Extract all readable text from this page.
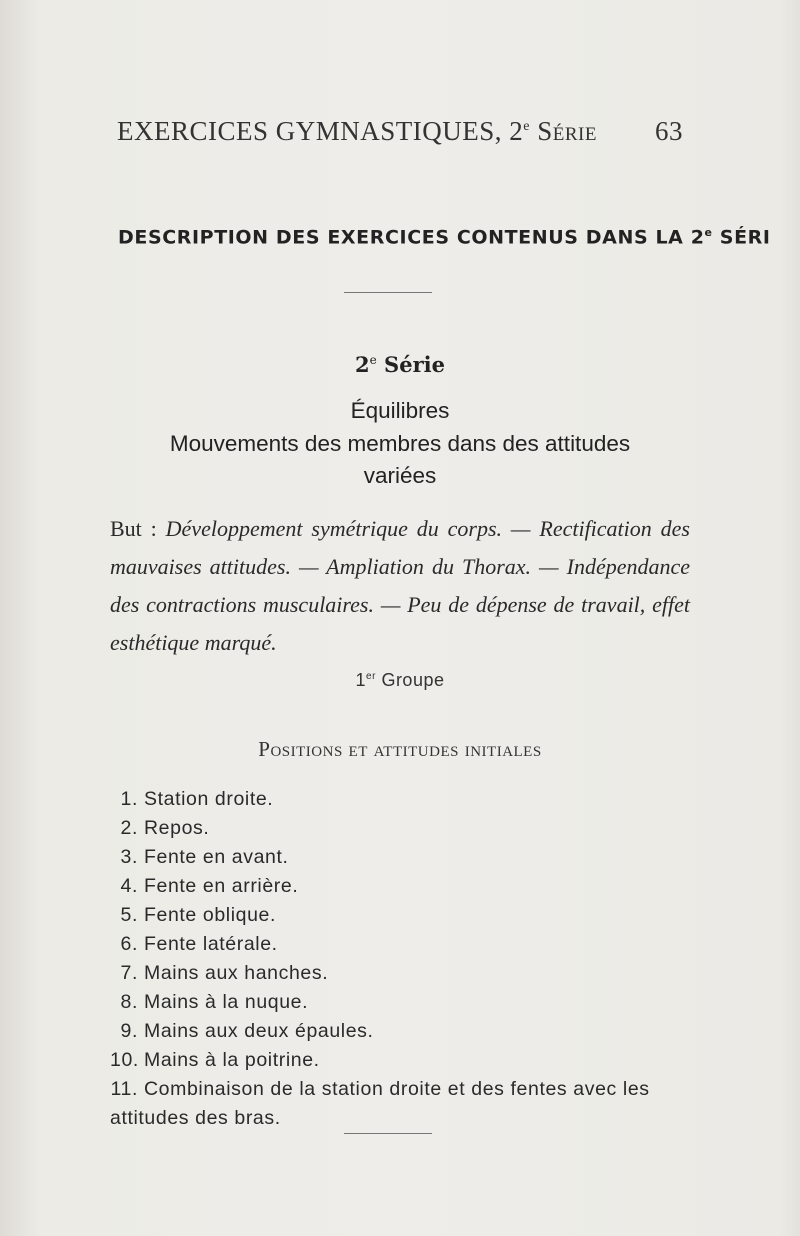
EXERCICES GYMNASTIQUES, 2e Série 63
DESCRIPTION DES EXERCICES CONTENUS DANS LA 2e SÉRI
2e Série
Équilibres
Mouvements des membres dans des attitudes
variées
But : Développement symétrique du corps. — Rectification des mauvaises attitudes. — Ampliation du Thorax. — Indépendance des contractions musculaires. — Peu de dépense de travail, effet esthétique marqué.
1er Groupe
Positions et attitudes initiales
1. Station droite.
2. Repos.
3. Fente en avant.
4. Fente en arrière.
5. Fente oblique.
6. Fente latérale.
7. Mains aux hanches.
8. Mains à la nuque.
9. Mains aux deux épaules.
10. Mains à la poitrine.
11. Combinaison de la station droite et des fentes avec les
attitudes des bras.
